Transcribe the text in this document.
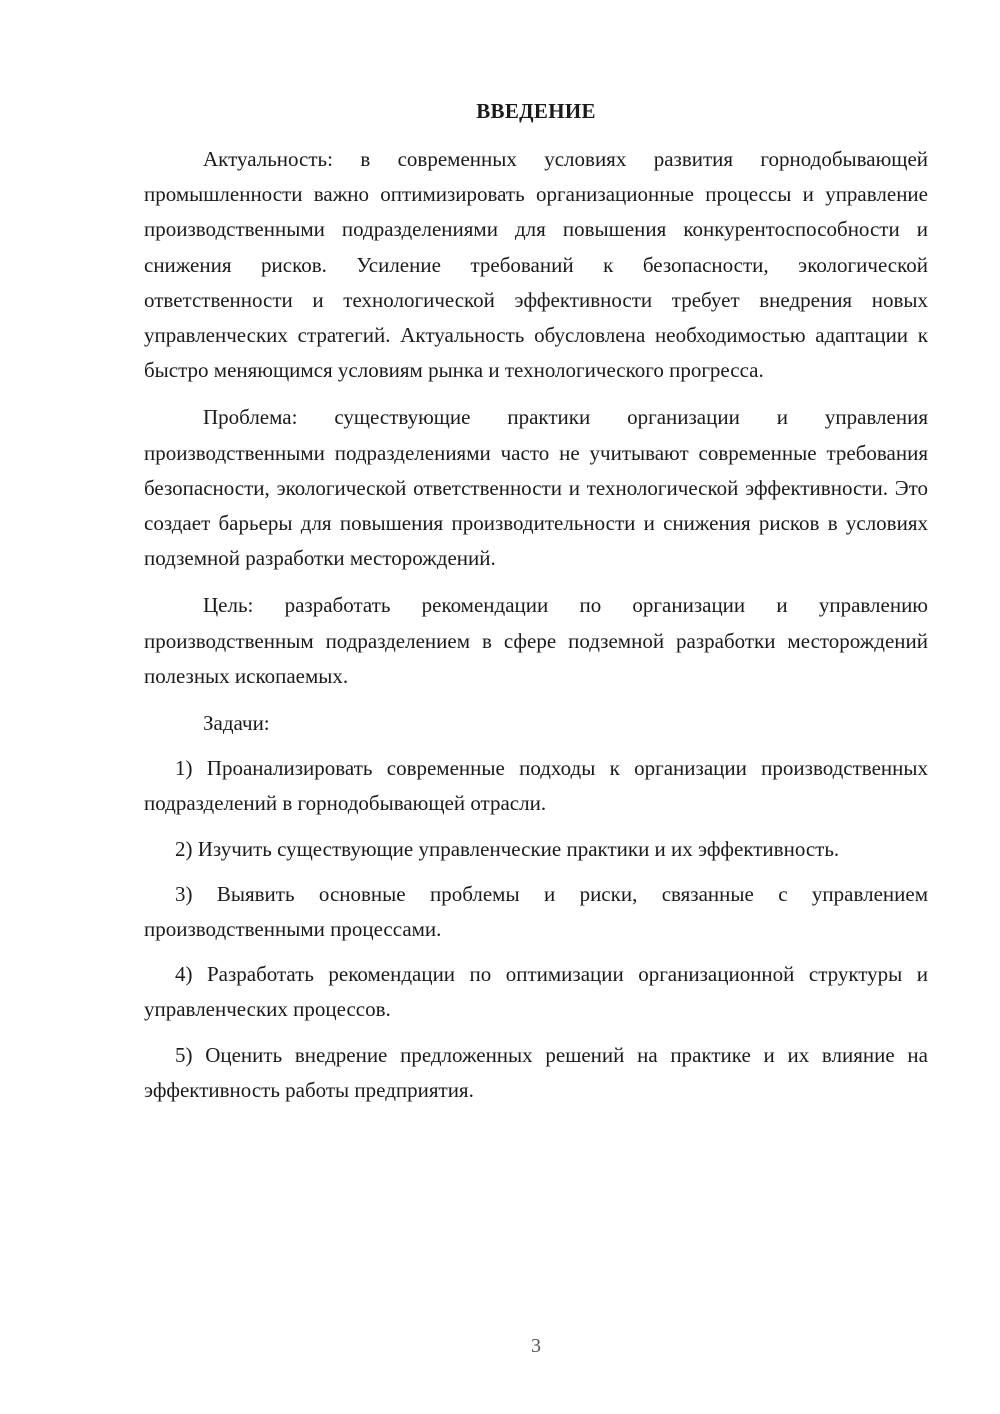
ВВЕДЕНИЕ

Актуальность: в современных условиях развития горнодобывающей промышленности важно оптимизировать организационные процессы и управление производственными подразделениями для повышения конкурентоспособности и снижения рисков. Усиление требований к безопасности, экологической ответственности и технологической эффективности требует внедрения новых управленческих стратегий. Актуальность обусловлена необходимостью адаптации к быстро меняющимся условиям рынка и технологического прогресса.

Проблема: существующие практики организации и управления производственными подразделениями часто не учитывают современные требования безопасности, экологической ответственности и технологической эффективности. Это создает барьеры для повышения производительности и снижения рисков в условиях подземной разработки месторождений.

Цель: разработать рекомендации по организации и управлению производственным подразделением в сфере подземной разработки месторождений полезных ископаемых.

Задачи:

1) Проанализировать современные подходы к организации производственных подразделений в горнодобывающей отрасли.

2) Изучить существующие управленческие практики и их эффективность.

3) Выявить основные проблемы и риски, связанные с управлением производственными процессами.

4) Разработать рекомендации по оптимизации организационной структуры и управленческих процессов.

5) Оценить внедрение предложенных решений на практике и их влияние на эффективность работы предприятия.

3
